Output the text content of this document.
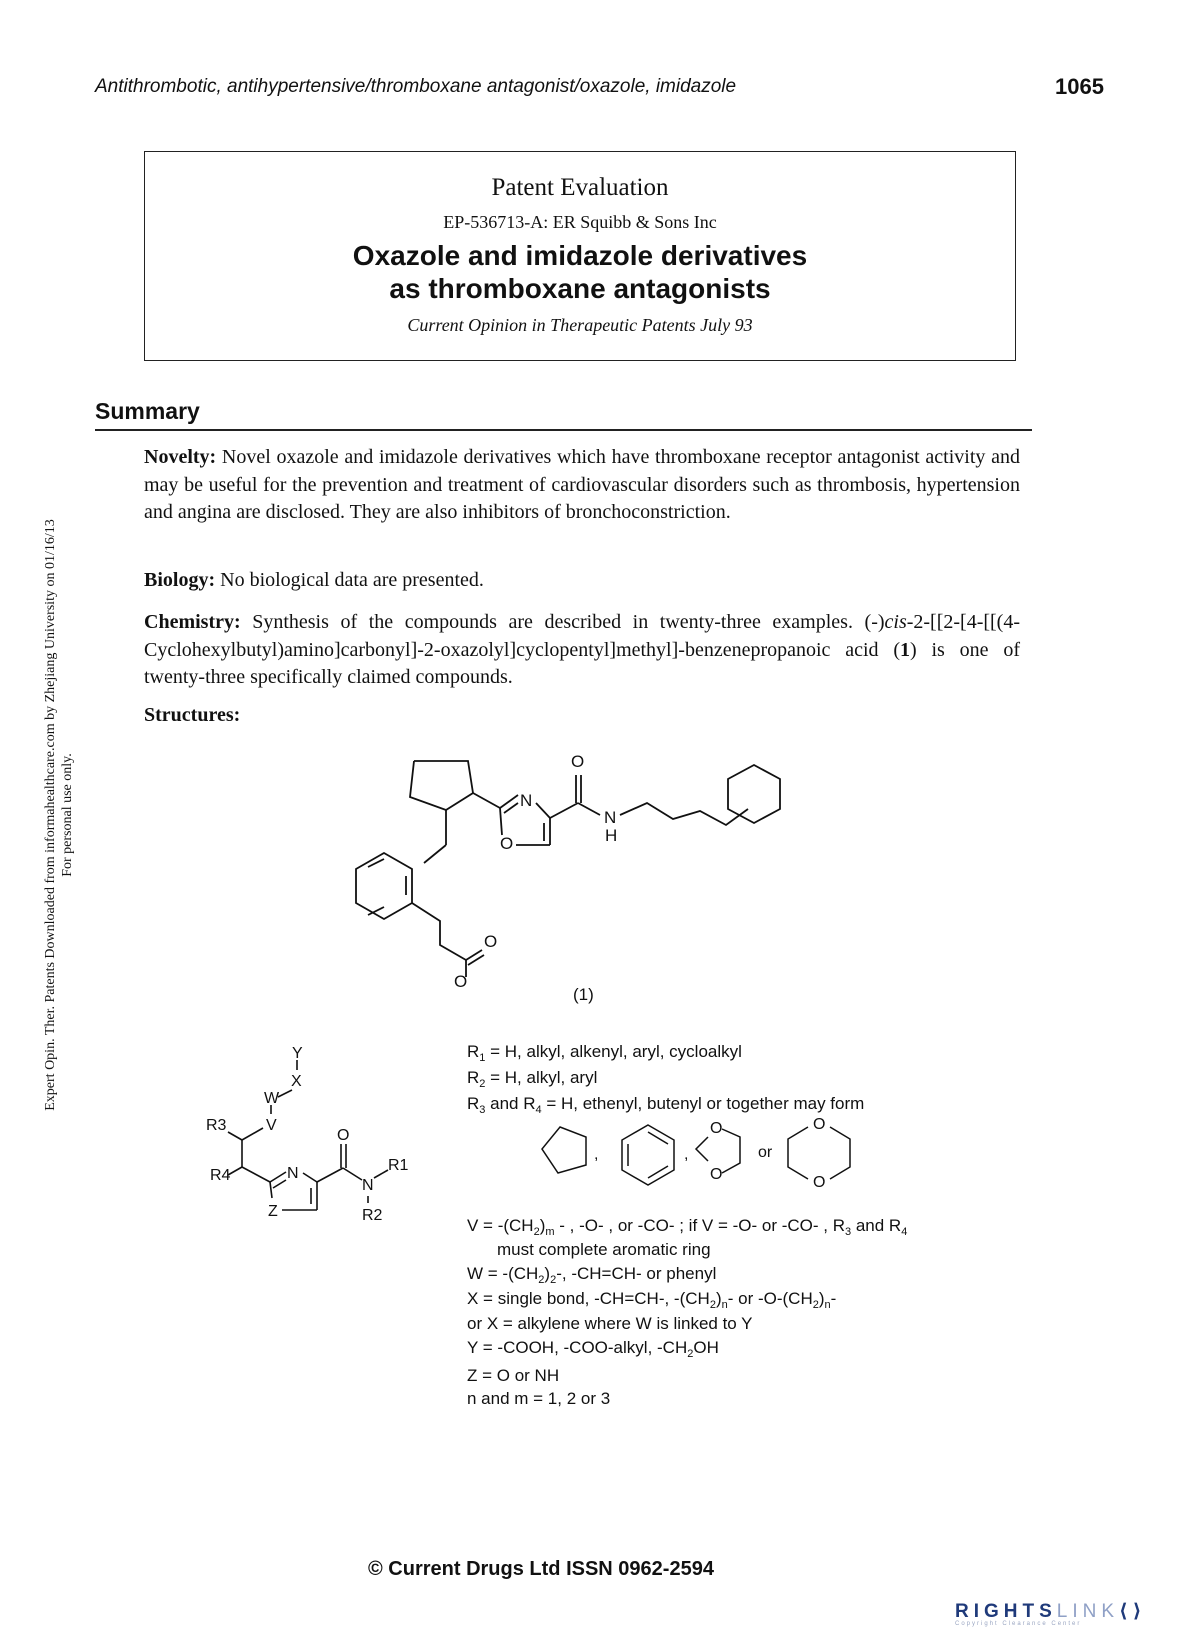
Antithrombotic, antihypertensive/thromboxane antagonist/oxazole, imidazole	1065
Expert Opin. Ther. Patents Downloaded from informahealthcare.com by Zhejiang University on 01/16/13 For personal use only.
Patent Evaluation
EP-536713-A: ER Squibb & Sons Inc
Oxazole and imidazole derivatives
as thromboxane antagonists
Current Opinion in Therapeutic Patents July 93
Summary
Novelty: Novel oxazole and imidazole derivatives which have thromboxane receptor antagonist activity and may be useful for the prevention and treatment of cardiovascular disorders such as thrombosis, hypertension and angina are disclosed. They are also inhibitors of bronchoconstriction.
Biology: No biological data are presented.
Chemistry: Synthesis of the compounds are described in twenty-three examples. (-)cis-2-[[2-[4-[[(4-Cyclohexylbutyl)amino]carbonyl]-2-oxazolyl]cyclopentyl]methyl]-benzenepropanoic acid (1) is one of twenty-three specifically claimed compounds.
Structures:
O
N
O
N
H
O
O
(1)
Y
X
W
V
R3
R4	N
Z
O
N
R1
R2
$R_1 = H$, alkyl, alkenyl, aryl, cycloalkyl
$R_2 = H$, alkyl, aryl
$R_3$ and $R_4 = H$, ethenyl, butenyl or together may form
,	,
O
O
or
O
O
$V = -(CH_2)_m$ - , -O- , or -CO- ; if V = -O- or -CO- , $R_3$ and $R_4$
must complete aromatic ring
$W = -(CH_2)_2-$, -CH=CH- or phenyl
X = single bond, -CH=CH-, $-(CH_2)_n-$ or $-O-(CH_2)_n-$
or X = alkylene where W is linked to Y
Y = -COOH, -COO-alkyl, $-CH_2OH$
Z = O or NH
n and m = 1, 2 or 3
© Current Drugs Ltd ISSN 0962-2594
RIGHTSLINK⟨⟩
Copyright Clearance Center
